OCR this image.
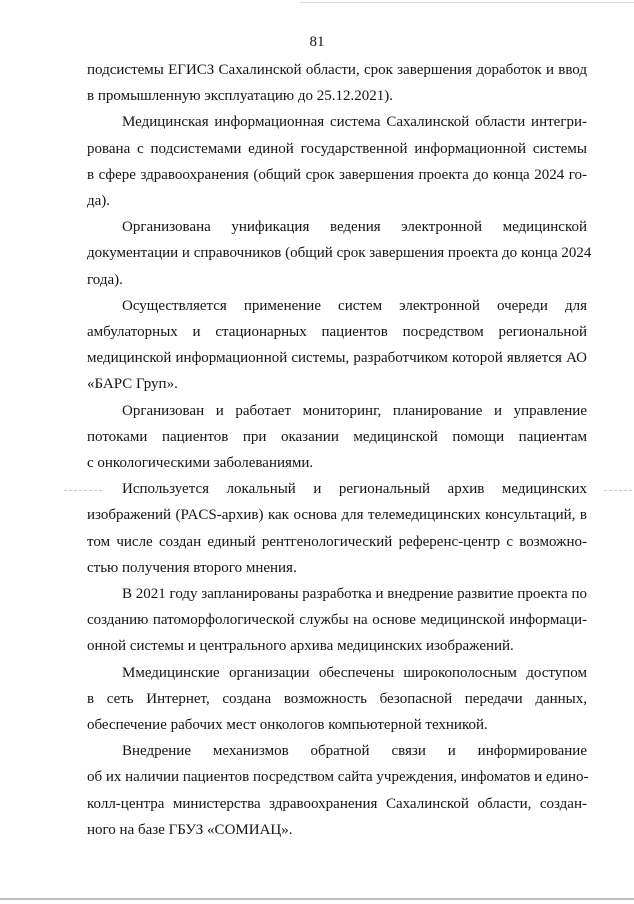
81
подсистемы ЕГИСЗ Сахалинской области, срок завершения доработок и ввод
в промышленную эксплуатацию до 25.12.2021).
Медицинская информационная система Сахалинской области интегри-
рована с подсистемами единой государственной информационной системы
в сфере здравоохранения (общий срок завершения проекта до конца 2024 го-
да).
Организована унификация ведения электронной медицинской
документации и справочников (общий срок завершения проекта до конца 2024
года).
Осуществляется применение систем электронной очереди для
амбулаторных и стационарных пациентов посредством региональной
медицинской информационной системы, разработчиком которой является АО
«БАРС Груп».
Организован и работает мониторинг, планирование и управление
потоками пациентов при оказании медицинской помощи пациентам
с онкологическими заболеваниями.
Используется локальный и региональный архив медицинских
изображений (PACS-архив) как основа для телемедицинских консультаций, в
том числе создан единый рентгенологический референс-центр с возможно-
стью получения второго мнения.
В 2021 году запланированы разработка и внедрение развитие проекта по
созданию патоморфологической службы на основе медицинской информаци-
онной системы и центрального архива медицинских изображений.
Ммедицинские организации обеспечены широкополосным доступом
в сеть Интернет, создана возможность безопасной передачи данных,
обеспечение рабочих мест онкологов компьютерной техникой.
Внедрение механизмов обратной связи и информирование
об их наличии пациентов посредством сайта учреждения, инфоматов и едино-
колл-центра министерства здравоохранения Сахалинской области, создан-
ного на базе ГБУЗ «СОМИАЦ».
